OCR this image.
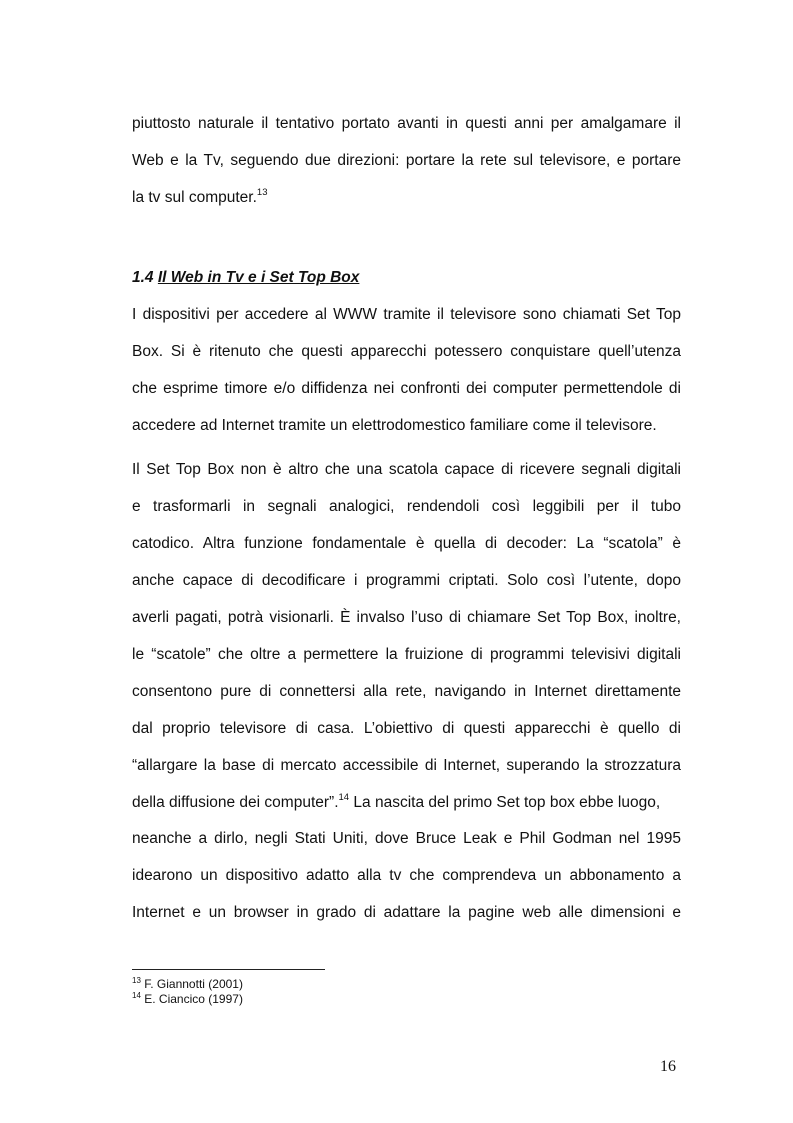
piuttosto naturale il tentativo portato avanti in questi anni per amalgamare il
Web e la Tv, seguendo due direzioni: portare la rete sul televisore, e portare
la tv sul computer.$^{13}$
1.4 Il Web in Tv e i Set Top Box
I dispositivi per accedere al WWW tramite il televisore sono chiamati Set Top
Box. Si è ritenuto che questi apparecchi potessero conquistare quell’utenza
che esprime timore e/o diffidenza nei confronti dei computer permettendole di
accedere ad Internet tramite un elettrodomestico familiare come il televisore.
Il Set Top Box non è altro che una scatola capace di ricevere segnali digitali
e trasformarli in segnali analogici, rendendoli così leggibili per il tubo
catodico. Altra funzione fondamentale è quella di decoder: La “scatola” è
anche capace di decodificare i programmi criptati. Solo così l’utente, dopo
averli pagati, potrà visionarli. È invalso l’uso di chiamare Set Top Box, inoltre,
le “scatole” che oltre a permettere la fruizione di programmi televisivi digitali
consentono pure di connettersi alla rete, navigando in Internet direttamente
dal proprio televisore di casa. L’obiettivo di questi apparecchi è quello di
“allargare la base di mercato accessibile di Internet, superando la strozzatura
della diffusione dei computer”.$^{14}$ La nascita del primo Set top box ebbe luogo,
neanche a dirlo, negli Stati Uniti, dove Bruce Leak e Phil Godman nel 1995
idearono un dispositivo adatto alla tv che comprendeva un abbonamento a
Internet e un browser in grado di adattare la pagine web alle dimensioni e
$^{13}$ F. Giannotti (2001)
$^{14}$ E. Ciancico (1997)
16
